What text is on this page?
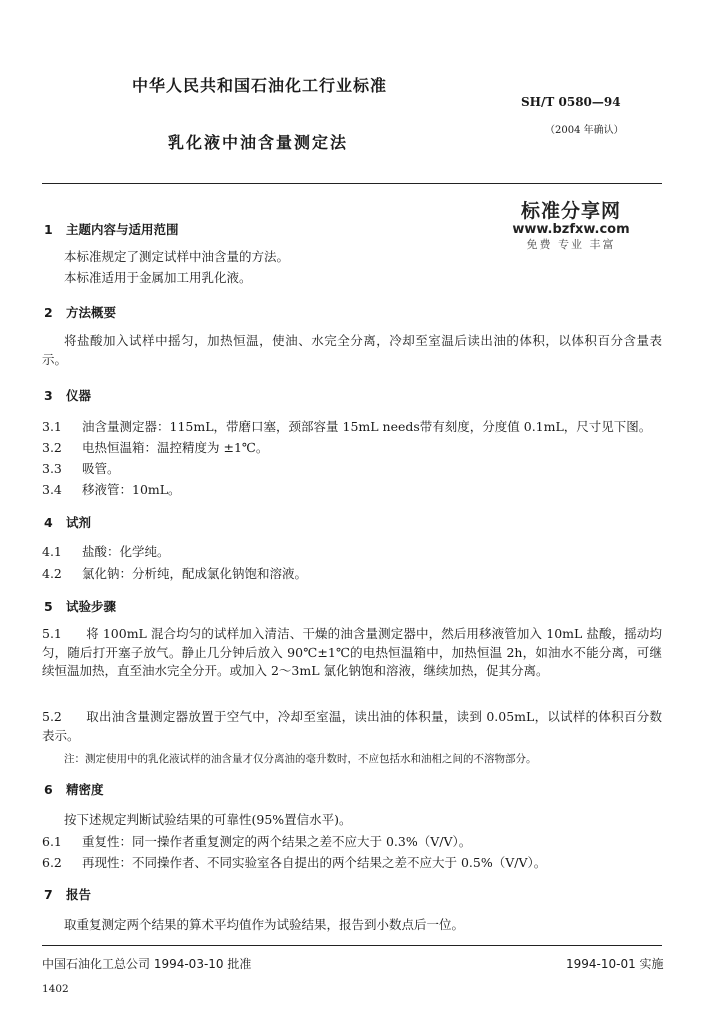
中华人民共和国石油化工行业标准
SH/T 0580—94
（2004 年确认）
乳化液中油含量测定法
标准分享网
www.bzfxw.com
免费 专业 丰富
1 主题内容与适用范围
本标准规定了测定试样中油含量的方法。
本标准适用于金属加工用乳化液。
2 方法概要
将盐酸加入试样中摇匀，加热恒温，使油、水完全分离，冷却至室温后读出油的体积，以体积百分含量表示。
3 仪器
3.1 油含量测定器：115mL，带磨口塞，颈部容量 15mL needs带有刻度，分度值 0.1mL，尺寸见下图。
3.2 电热恒温箱：温控精度为 ±1℃。
3.3 吸管。
3.4 移液管：10mL。
4 试剂
4.1 盐酸：化学纯。
4.2 氯化钠：分析纯，配成氯化钠饱和溶液。
5 试验步骤
5.1 将 100mL 混合均匀的试样加入清洁、干燥的油含量测定器中，然后用移液管加入 10mL 盐酸，摇动均匀，随后打开塞子放气。静止几分钟后放入 90℃±1℃的电热恒温箱中，加热恒温 2h，如油水不能分离，可继续恒温加热，直至油水完全分开。或加入 2～3mL 氯化钠饱和溶液，继续加热，促其分离。
5.2 取出油含量测定器放置于空气中，冷却至室温，读出油的体积量，读到 0.05mL，以试样的体积百分数表示。
注：测定使用中的乳化液试样的油含量才仅分离油的毫升数时，不应包括水和油相之间的不溶物部分。
6 精密度
按下述规定判断试验结果的可靠性(95%置信水平)。
6.1 重复性：同一操作者重复测定的两个结果之差不应大于 0.3%（V/V）。
6.2 再现性：不同操作者、不同实验室各自提出的两个结果之差不应大于 0.5%（V/V）。
7 报告
取重复测定两个结果的算术平均值作为试验结果，报告到小数点后一位。
中国石油化工总公司 1994-03-10 批准	1994-10-01 实施
1402
